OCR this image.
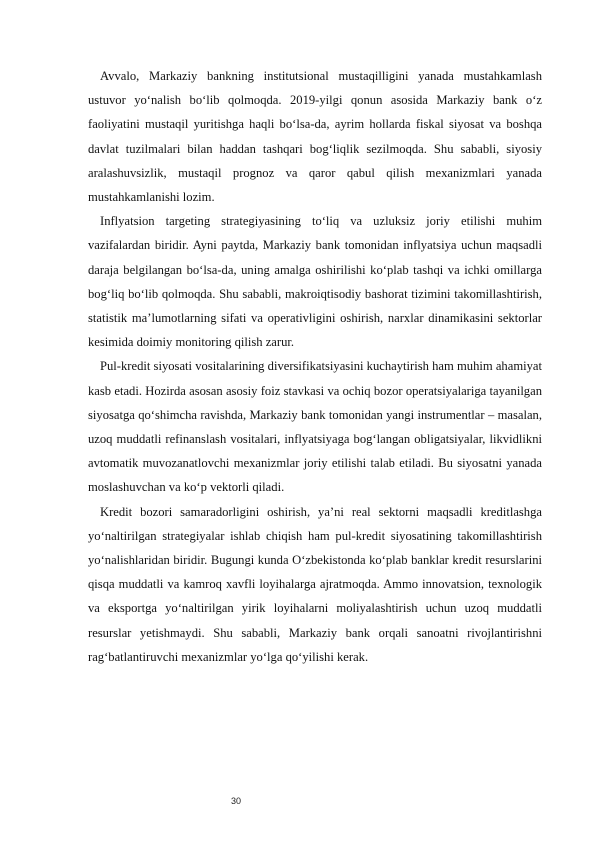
Avvalo, Markaziy bankning institutsional mustaqilligini yanada mustahkamlash ustuvor yo‘nalish bo‘lib qolmoqda. 2019-yilgi qonun asosida Markaziy bank o‘z faoliyatini mustaqil yuritishga haqli bo‘lsa-da, ayrim hollarda fiskal siyosat va boshqa davlat tuzilmalari bilan haddan tashqari bog‘liqlik sezilmoqda. Shu sababli, siyosiy aralashuvsizlik, mustaqil prognoz va qaror qabul qilish mexanizmlari yanada mustahkamlanishi lozim.

Inflyatsion targeting strategiyasining to‘liq va uzluksiz joriy etilishi muhim vazifalardan biridir. Ayni paytda, Markaziy bank tomonidan inflyatsiya uchun maqsadli daraja belgilangan bo‘lsa-da, uning amalga oshirilishi ko‘plab tashqi va ichki omillarga bog‘liq bo‘lib qolmoqda. Shu sababli, makroiqtisodiy bashorat tizimini takomillashtirish, statistik ma’lumotlarning sifati va operativligini oshirish, narxlar dinamikasini sektorlar kesimida doimiy monitoring qilish zarur.

Pul-kredit siyosati vositalarining diversifikatsiyasini kuchaytirish ham muhim ahamiyat kasb etadi. Hozirda asosan asosiy foiz stavkasi va ochiq bozor operatsiyalariga tayanilgan siyosatga qo‘shimcha ravishda, Markaziy bank tomonidan yangi instrumentlar – masalan, uzoq muddatli refinanslash vositalari, inflyatsiyaga bog‘langan obligatsiyalar, likvidlikni avtomatik muvozanatlovchi mexanizmlar joriy etilishi talab etiladi. Bu siyosatni yanada moslashuvchan va ko‘p vektorli qiladi.

Kredit bozori samaradorligini oshirish, ya’ni real sektorni maqsadli kreditlashga yo‘naltirilgan strategiyalar ishlab chiqish ham pul-kredit siyosatining takomillashtirish yo‘nalishlaridan biridir. Bugungi kunda O‘zbekistonda ko‘plab banklar kredit resurslarini qisqa muddatli va kamroq xavfli loyihalarga ajratmoqda. Ammo innovatsion, texnologik va eksportga yo‘naltirilgan yirik loyihalarni moliyalashtirish uchun uzoq muddatli resurslar yetishmaydi. Shu sababli, Markaziy bank orqali sanoatni rivojlantirishni rag‘batlantiruvchi mexanizmlar yo‘lga qo‘yilishi kerak.

30
